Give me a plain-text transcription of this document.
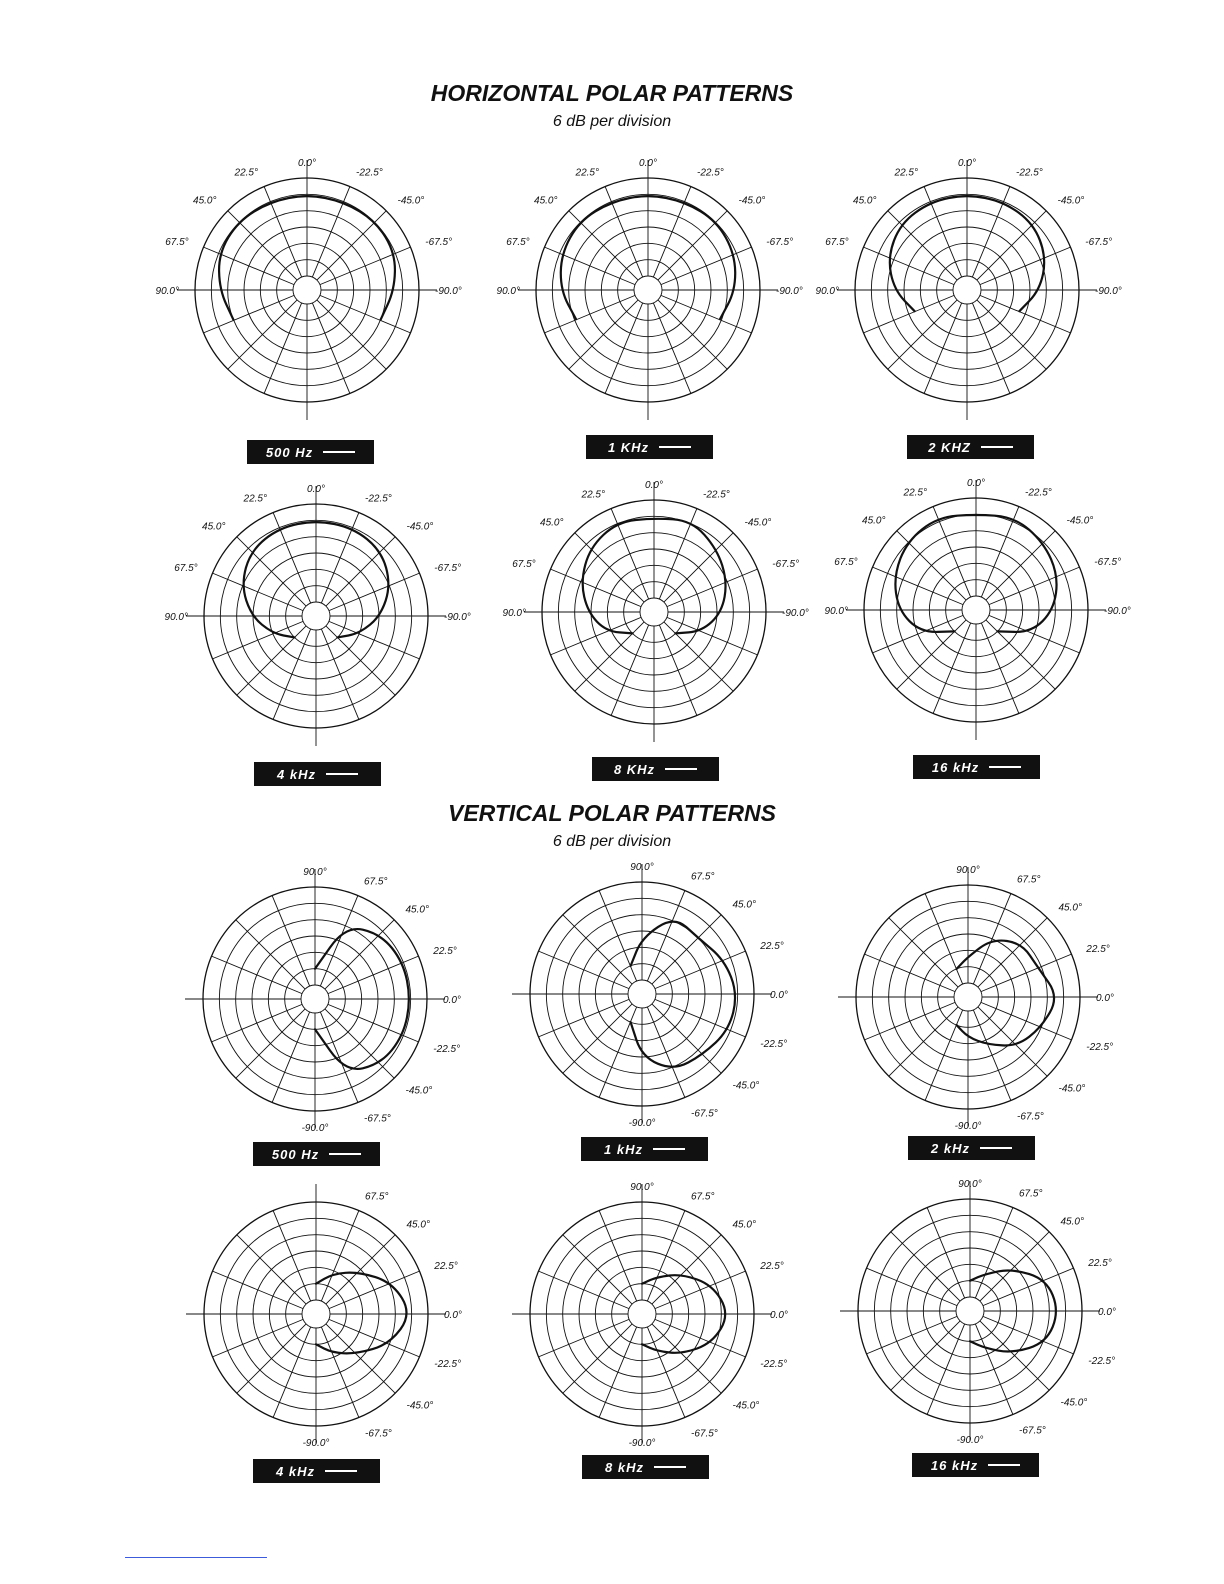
HORIZONTAL POLAR PATTERNS

6 dB per division

VERTICAL POLAR PATTERNS

6 dB per division

0.0°
22.5°	-22.5°
45.0°	-45.0°
67.5°	-67.5°
90.0°	-90.0°
0.0°
22.5°	-22.5°
45.0°	-45.0°
67.5°	-67.5°
90.0°	-90.0°
0.0°
22.5°	-22.5°
45.0°	-45.0°
67.5°	-67.5°
90.0°	-90.0°
0.0°
22.5°	-22.5°
45.0°	-45.0°
67.5°	-67.5°
90.0°	-90.0°
0.0°
22.5°	-22.5°
45.0°	-45.0°
67.5°	-67.5°
90.0°	-90.0°
0.0°
22.5°	-22.5°
45.0°	-45.0°
67.5°	-67.5°
90.0°	-90.0°
90.0°
67.5°
45.0°
22.5°
0.0°
-22.5°
-45.0°
-67.5°
-90.0°
90.0°
67.5°
45.0°
22.5°
0.0°
-22.5°
-45.0°
-67.5°
-90.0°
90.0°
67.5°
45.0°
22.5°
0.0°
-22.5°
-45.0°
-67.5°
-90.0°
67.5°
45.0°
22.5°
0.0°
-22.5°
-45.0°
-67.5°
-90.0°
90.0°
67.5°
45.0°
22.5°
0.0°
-22.5°
-45.0°
-67.5°
-90.0°
90.0°
67.5°
45.0°
22.5°
0.0°
-22.5°
-45.0°
-67.5°
-90.0°
500 Hz	1 KHz	2 KHZ
4 kHz	8 KHz	16 kHz
500 Hz	1 kHz	2 kHz
4 kHz	8 kHz	16 kHz
